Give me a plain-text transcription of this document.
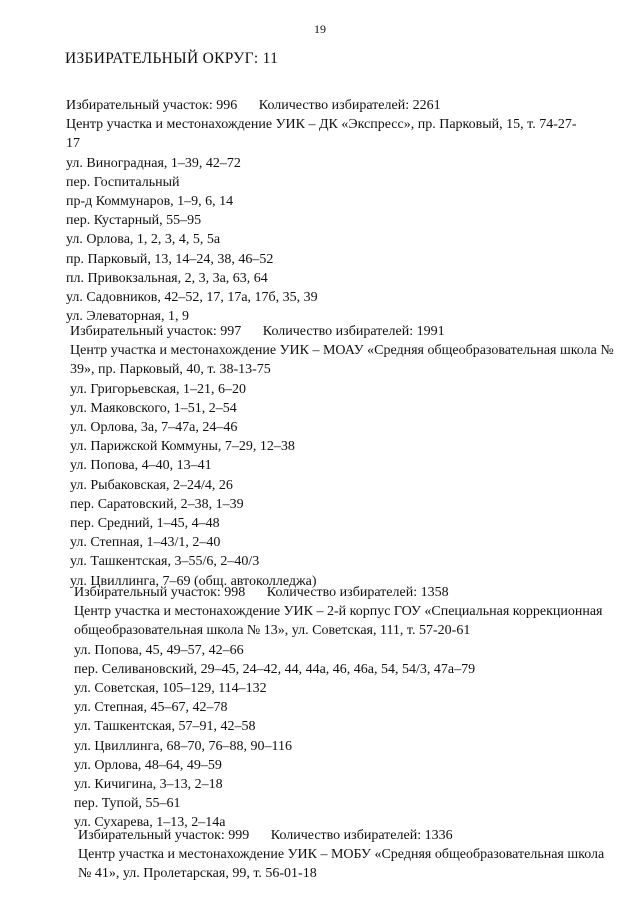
19
ИЗБИРАТЕЛЬНЫЙ ОКРУГ: 11
Избирательный участок: 996 Количество избирателей: 2261
Центр участка и местонахождение УИК – ДК «Экспресс», пр. Парковый, 15, т. 74-27-17
ул. Виноградная, 1–39, 42–72
пер. Госпитальный
пр-д Коммунаров, 1–9, 6, 14
пер. Кустарный, 55–95
ул. Орлова, 1, 2, 3, 4, 5, 5а
пр. Парковый, 13, 14–24, 38, 46–52
пл. Привокзальная, 2, 3, 3а, 63, 64
ул. Садовников, 42–52, 17, 17а, 17б, 35, 39
ул. Элеваторная, 1, 9
Избирательный участок: 997 Количество избирателей: 1991
Центр участка и местонахождение УИК – МОАУ «Средняя общеобразовательная школа № 39», пр. Парковый, 40, т. 38-13-75
ул. Григорьевская, 1–21, 6–20
ул. Маяковского, 1–51, 2–54
ул. Орлова, 3а, 7–47а, 24–46
ул. Парижской Коммуны, 7–29, 12–38
ул. Попова, 4–40, 13–41
ул. Рыбаковская, 2–24/4, 26
пер. Саратовский, 2–38, 1–39
пер. Средний, 1–45, 4–48
ул. Степная, 1–43/1, 2–40
ул. Ташкентская, 3–55/6, 2–40/3
ул. Цвиллинга, 7–69 (общ. автоколледжа)
Избирательный участок: 998 Количество избирателей: 1358
Центр участка и местонахождение УИК – 2-й корпус ГОУ «Специальная коррекционная общеобразовательная школа № 13», ул. Советская, 111, т. 57-20-61
ул. Попова, 45, 49–57, 42–66
пер. Селивановский, 29–45, 24–42, 44, 44а, 46, 46а, 54, 54/3, 47а–79
ул. Советская, 105–129, 114–132
ул. Степная, 45–67, 42–78
ул. Ташкентская, 57–91, 42–58
ул. Цвиллинга, 68–70, 76–88, 90–116
ул. Орлова, 48–64, 49–59
ул. Кичигина, 3–13, 2–18
пер. Тупой, 55–61
ул. Сухарева, 1–13, 2–14а
Избирательный участок: 999 Количество избирателей: 1336
Центр участка и местонахождение УИК – МОБУ «Средняя общеобразовательная школа № 41», ул. Пролетарская, 99, т. 56-01-18
